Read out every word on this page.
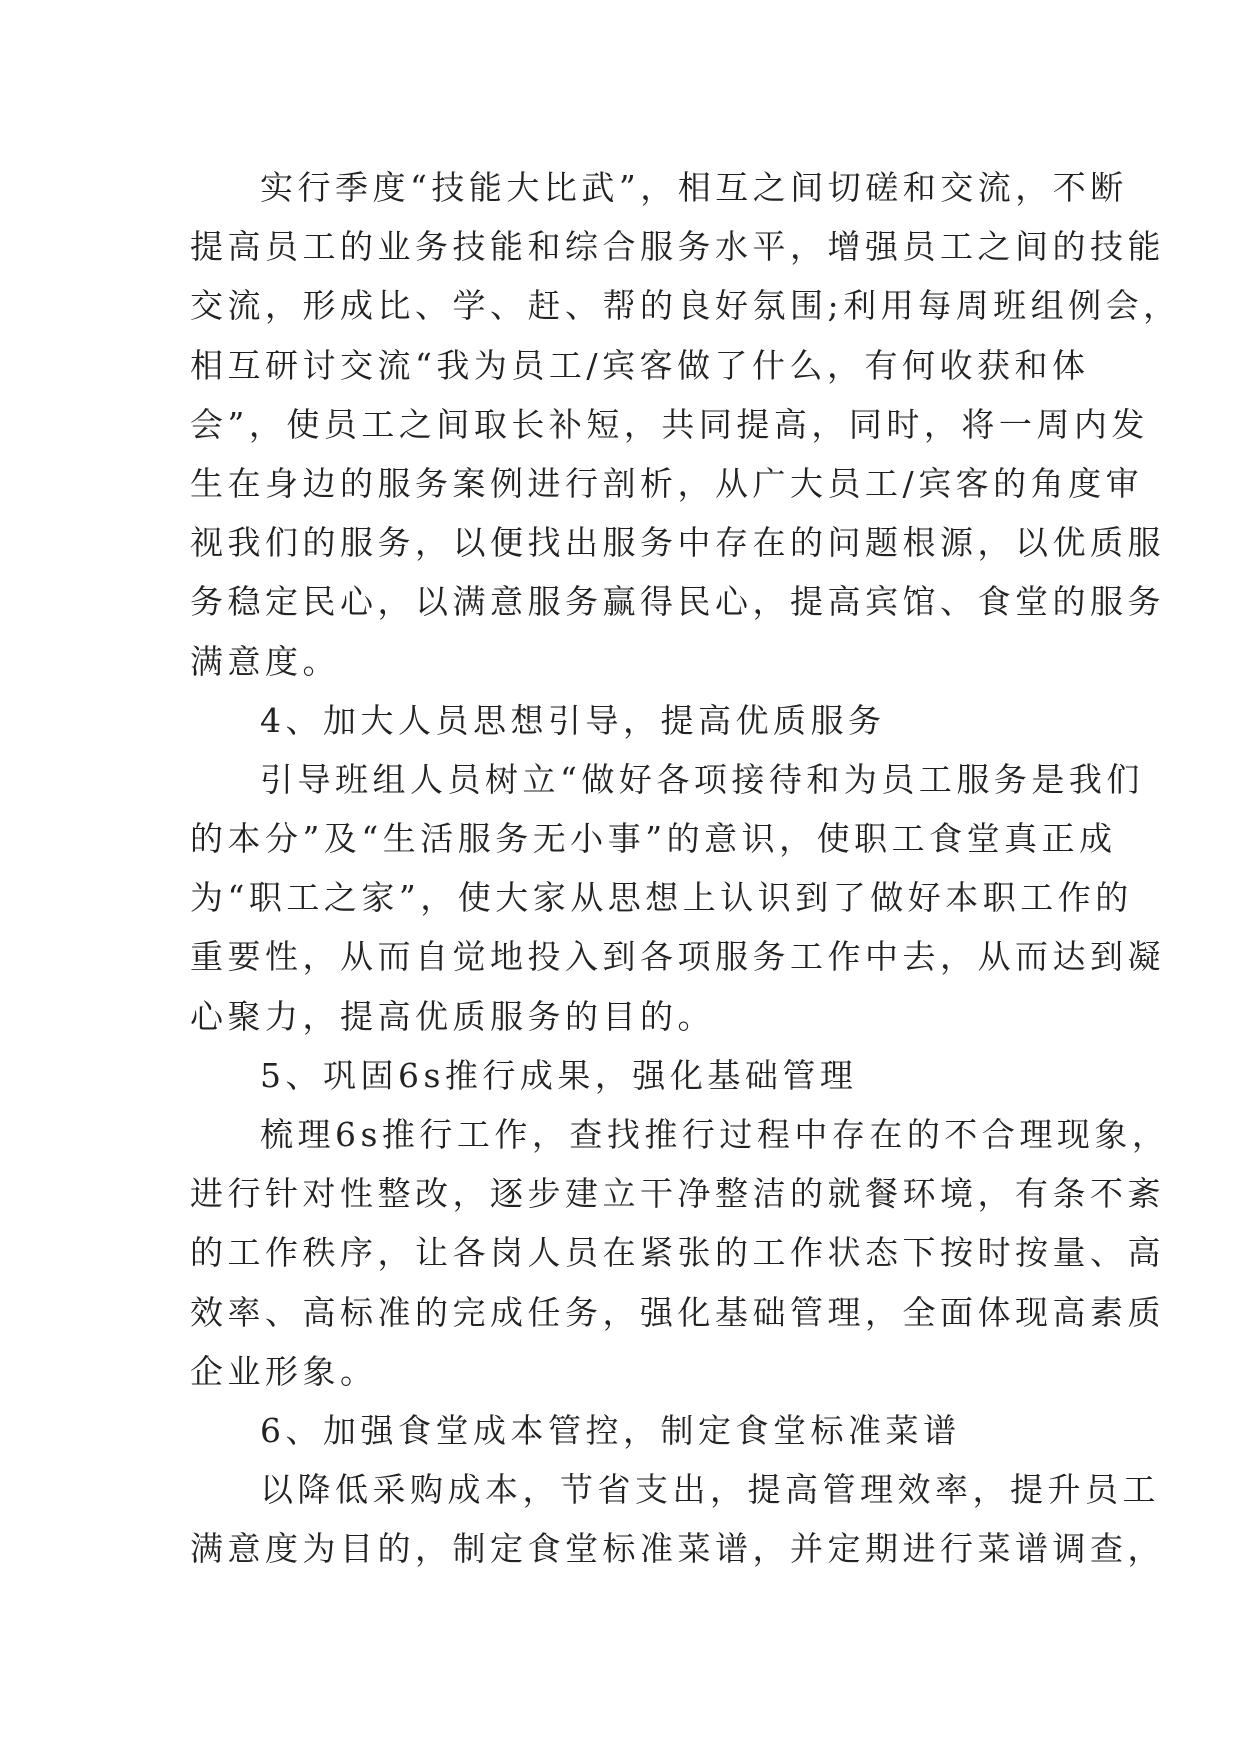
实行季度“技能大比武”，相互之间切磋和交流，不断
提高员工的业务技能和综合服务水平，增强员工之间的技能
交流，形成比、学、赶、帮的良好氛围;利用每周班组例会，
相互研讨交流“我为员工/宾客做了什么，有何收获和体
会”，使员工之间取长补短，共同提高，同时，将一周内发
生在身边的服务案例进行剖析，从广大员工/宾客的角度审
视我们的服务，以便找出服务中存在的问题根源，以优质服
务稳定民心，以满意服务赢得民心，提高宾馆、食堂的服务
满意度。
4、加大人员思想引导，提高优质服务
引导班组人员树立“做好各项接待和为员工服务是我们
的本分”及“生活服务无小事”的意识，使职工食堂真正成
为“职工之家”，使大家从思想上认识到了做好本职工作的
重要性，从而自觉地投入到各项服务工作中去，从而达到凝
心聚力，提高优质服务的目的。
5、巩固6s推行成果，强化基础管理
梳理6s推行工作，查找推行过程中存在的不合理现象，
进行针对性整改，逐步建立干净整洁的就餐环境，有条不紊
的工作秩序，让各岗人员在紧张的工作状态下按时按量、高
效率、高标准的完成任务，强化基础管理，全面体现高素质
企业形象。
6、加强食堂成本管控，制定食堂标准菜谱
以降低采购成本，节省支出，提高管理效率，提升员工
满意度为目的，制定食堂标准菜谱，并定期进行菜谱调查，
